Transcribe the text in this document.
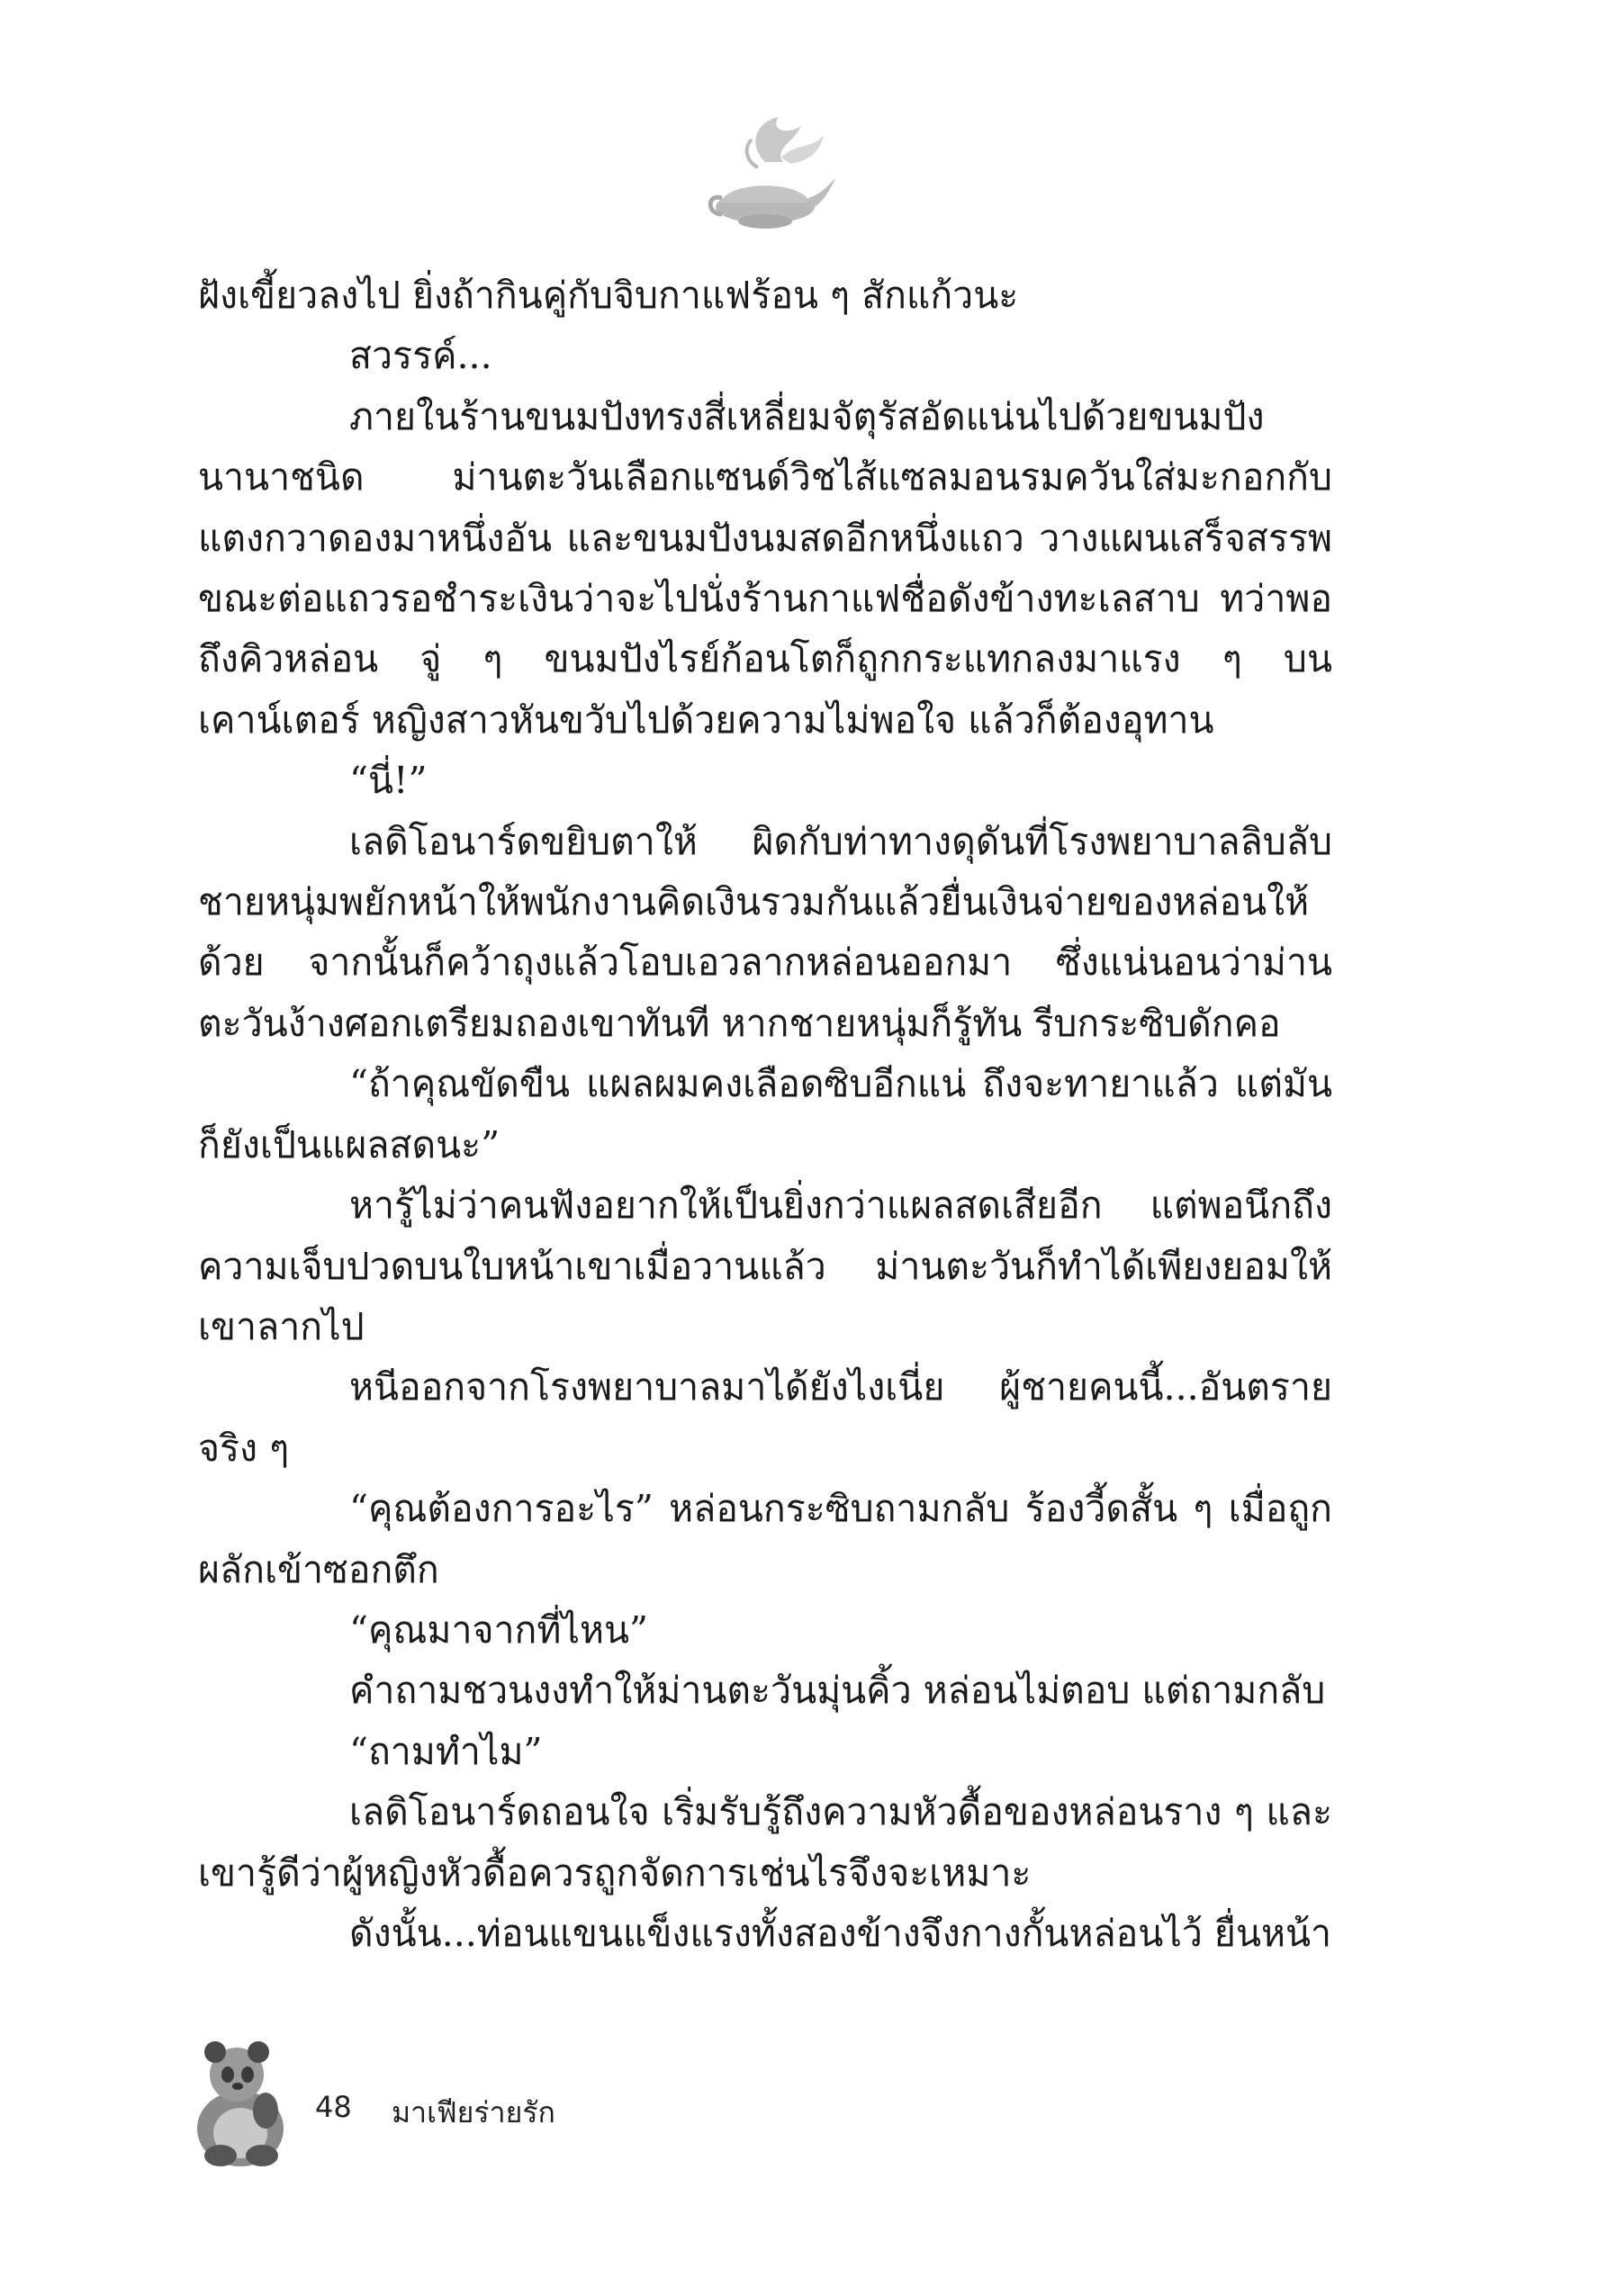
ฝังเขี้ยวลงไป ยิ่งถ้ากินคู่กับจิบกาแฟร้อน ๆ สักแก้วนะ

สวรรค์...

ภายในร้านขนมปังทรงสี่เหลี่ยมจัตุรัสอัดแน่นไปด้วยขนมปังนานาชนิด ม่านตะวันเลือกแซนด์วิชไส้แซลมอนรมควันใส่มะกอกกับแตงกวาดองมาหนึ่งอัน และขนมปังนมสดอีกหนึ่งแถว วางแผนเสร็จสรรพขณะต่อแถวรอชำระเงินว่าจะไปนั่งร้านกาแฟชื่อดังข้างทะเลสาบ ทว่าพอถึงคิวหล่อน จู่ ๆ ขนมปังไรย์ก้อนโตก็ถูกกระแทกลงมาแรง ๆ บนเคาน์เตอร์ หญิงสาวหันขวับไปด้วยความไม่พอใจ แล้วก็ต้องอุทาน

“นี่!”

เลดิโอนาร์ดขยิบตาให้ ผิดกับท่าทางดุดันที่โรงพยาบาลลิบลับชายหนุ่มพยักหน้าให้พนักงานคิดเงินรวมกันแล้วยื่นเงินจ่ายของหล่อนให้ด้วย จากนั้นก็คว้าถุงแล้วโอบเอวลากหล่อนออกมา ซึ่งแน่นอนว่าม่านตะวันง้างศอกเตรียมถองเขาทันที หากชายหนุ่มก็รู้ทัน รีบกระซิบดักคอ

“ถ้าคุณขัดขืน แผลผมคงเลือดซิบอีกแน่ ถึงจะทายาแล้ว แต่มันก็ยังเป็นแผลสดนะ”

หารู้ไม่ว่าคนฟังอยากให้เป็นยิ่งกว่าแผลสดเสียอีก แต่พอนึกถึงความเจ็บปวดบนใบหน้าเขาเมื่อวานแล้ว ม่านตะวันก็ทำได้เพียงยอมให้เขาลากไป

หนีออกจากโรงพยาบาลมาได้ยังไงเนี่ย ผู้ชายคนนี้...อันตรายจริง ๆ

“คุณต้องการอะไร” หล่อนกระซิบถามกลับ ร้องวี้ดสั้น ๆ เมื่อถูกผลักเข้าซอกตึก

“คุณมาจากที่ไหน”

คำถามชวนงงทำให้ม่านตะวันมุ่นคิ้ว หล่อนไม่ตอบ แต่ถามกลับ

“ถามทำไม”

เลดิโอนาร์ดถอนใจ เริ่มรับรู้ถึงความหัวดื้อของหล่อนราง ๆ และเขารู้ดีว่าผู้หญิงหัวดื้อควรถูกจัดการเช่นไรจึงจะเหมาะ

ดังนั้น...ท่อนแขนแข็งแรงทั้งสองข้างจึงกางกั้นหล่อนไว้ ยื่นหน้า

48 มาเฟียร่ายรัก
